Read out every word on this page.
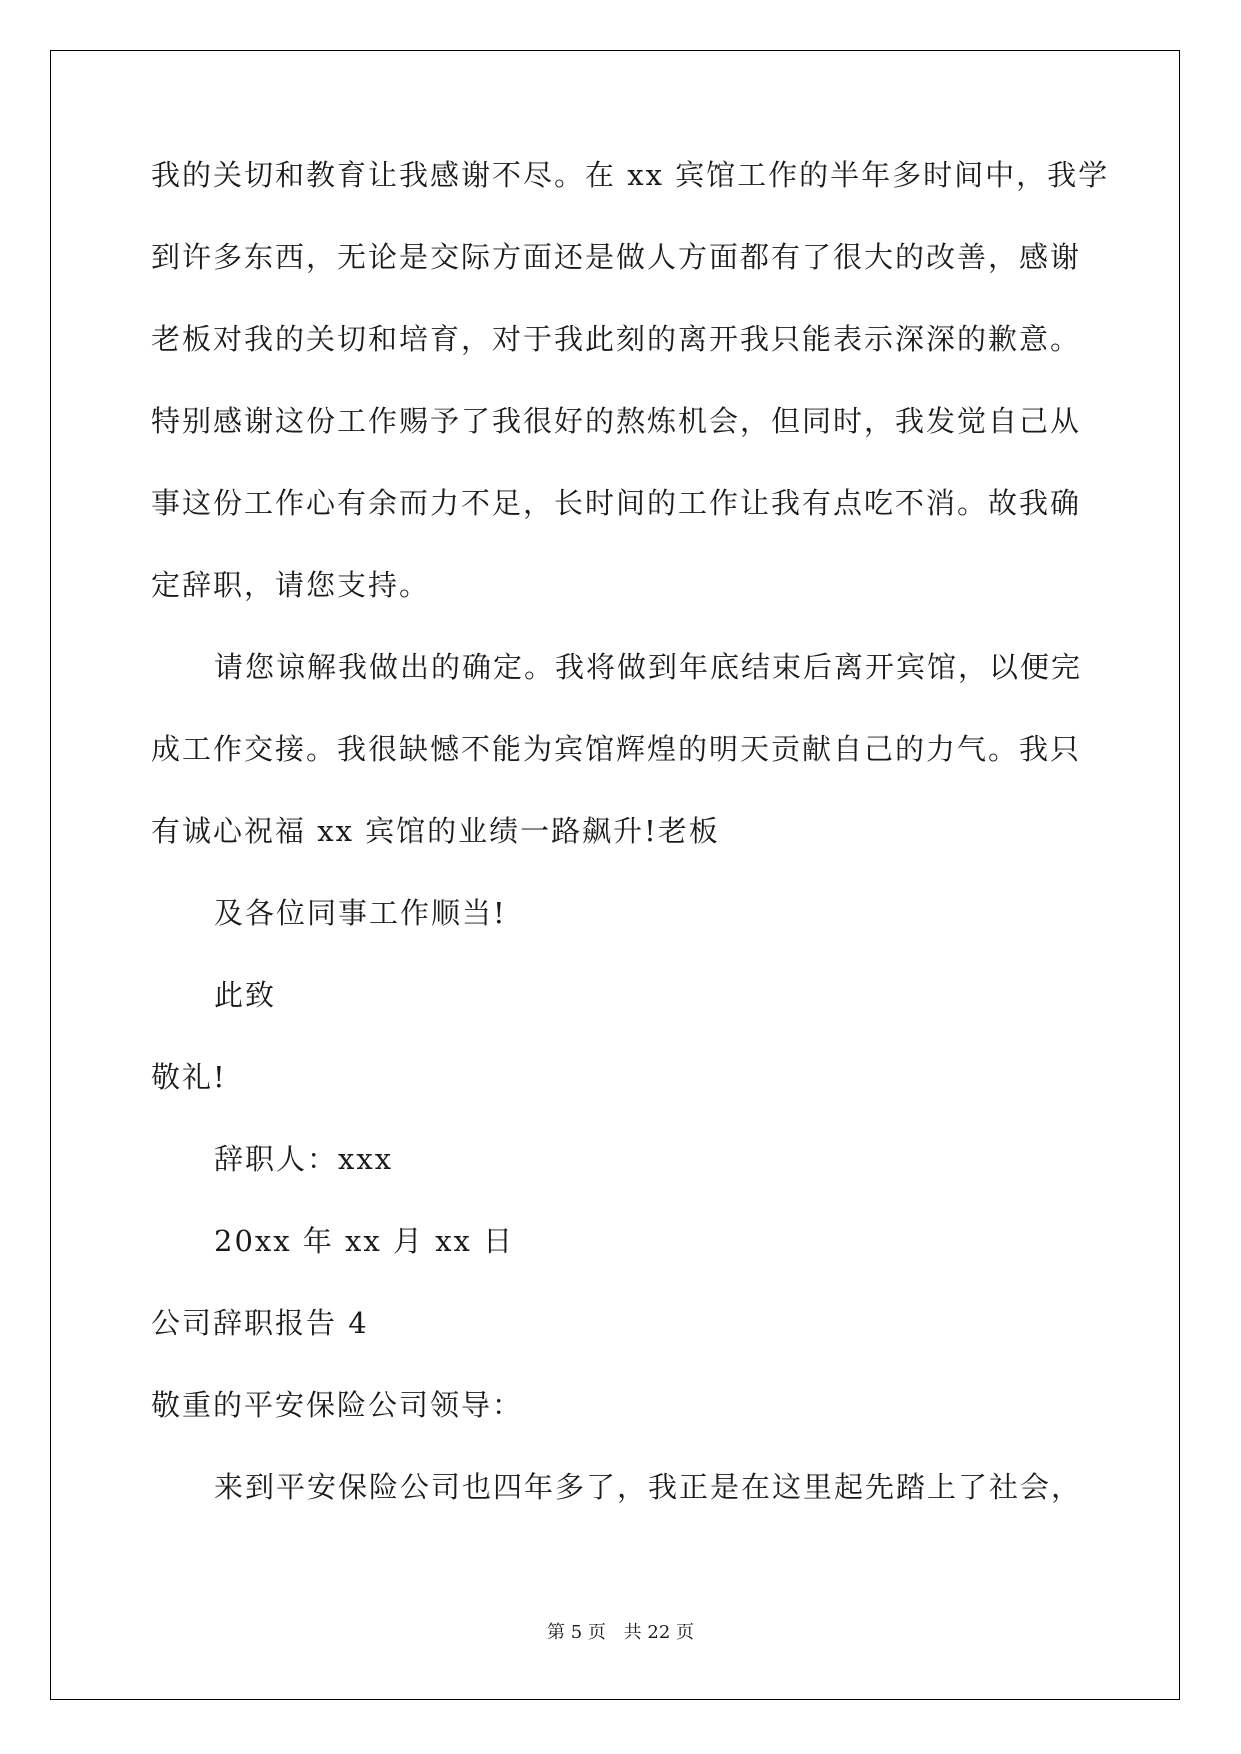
我的关切和教育让我感谢不尽。在 xx 宾馆工作的半年多时间中，我学
到许多东西，无论是交际方面还是做人方面都有了很大的改善，感谢
老板对我的关切和培育，对于我此刻的离开我只能表示深深的歉意。
特别感谢这份工作赐予了我很好的熬炼机会，但同时，我发觉自己从
事这份工作心有余而力不足，长时间的工作让我有点吃不消。故我确
定辞职，请您支持。
请您谅解我做出的确定。我将做到年底结束后离开宾馆，以便完
成工作交接。我很缺憾不能为宾馆辉煌的明天贡献自己的力气。我只
有诚心祝福 xx 宾馆的业绩一路飙升!老板
及各位同事工作顺当!
此致
敬礼!
辞职人：xxx
20xx 年 xx 月 xx 日
公司辞职报告 4
敬重的平安保险公司领导：
来到平安保险公司也四年多了，我正是在这里起先踏上了社会，
第 5 页 共 22 页
